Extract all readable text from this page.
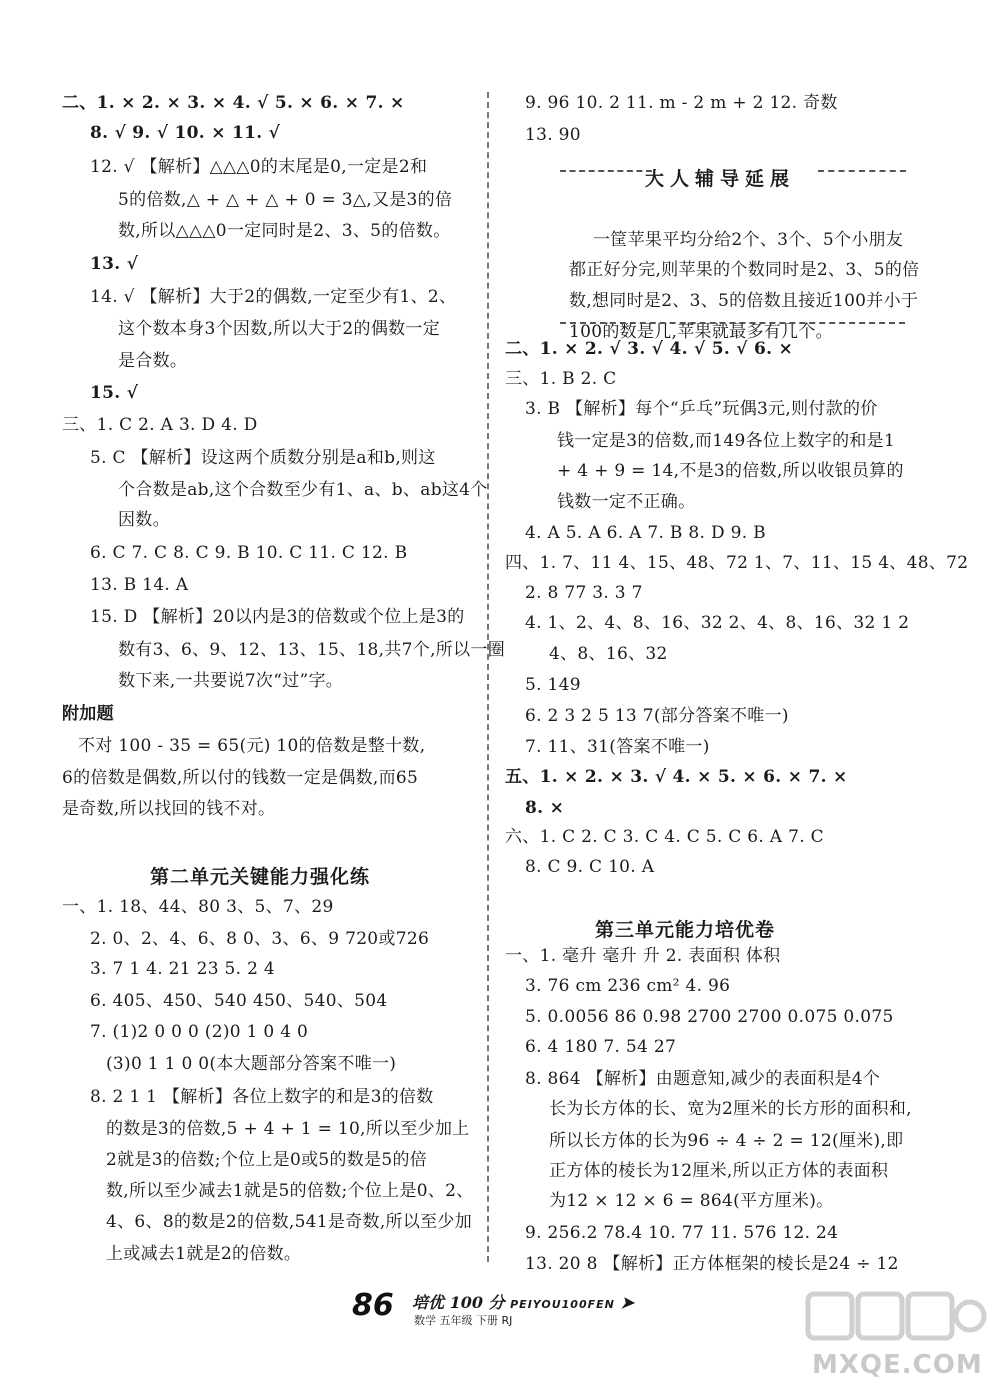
86 培优 100 分 PEIYOU100FEN ➤
数学 五年级 下册 RJ
MXQE.COM
二、1. × 2. × 3. × 4. √ 5. × 6. × 7. ×
8. √ 9. √ 10. × 11. √
12. √ 【解析】△△△0的末尾是0,一定是2和
5的倍数,△ + △ + △ + 0 = 3△,又是3的倍
数,所以△△△0一定同时是2、3、5的倍数。
13. √
14. √ 【解析】大于2的偶数,一定至少有1、2、
这个数本身3个因数,所以大于2的偶数一定
是合数。
15. √
三、1. C 2. A 3. D 4. D
5. C 【解析】设这两个质数分别是a和b,则这
个合数是ab,这个合数至少有1、a、b、ab这4个
因数。
6. C 7. C 8. C 9. B 10. C 11. C 12. B
13. B 14. A
15. D 【解析】20以内是3的倍数或个位上是3的
数有3、6、9、12、13、15、18,共7个,所以一圈
数下来,一共要说7次“过”字。
附加题
不对 100 - 35 = 65(元) 10的倍数是整十数,
6的倍数是偶数,所以付的钱数一定是偶数,而65
是奇数,所以找回的钱不对。
第二单元关键能力强化练
一、1. 18、44、80 3、5、7、29
2. 0、2、4、6、8 0、3、6、9 720或726
3. 7 1 4. 21 23 5. 2 4
6. 405、450、540 450、540、504
7. (1)2 0 0 0 (2)0 1 0 4 0
(3)0 1 1 0 0(本大题部分答案不唯一)
8. 2 1 1 【解析】各位上数字的和是3的倍数
的数是3的倍数,5 + 4 + 1 = 10,所以至少加上
2就是3的倍数;个位上是0或5的数是5的倍
数,所以至少减去1就是5的倍数;个位上是0、2、
4、6、8的数是2的倍数,541是奇数,所以至少加
上或减去1就是2的倍数。
9. 96 10. 2 11. m - 2 m + 2 12. 奇数
13. 90
大人辅导延展
一筐苹果平均分给2个、3个、5个小朋友
都正好分完,则苹果的个数同时是2、3、5的倍
数,想同时是2、3、5的倍数且接近100并小于
100的数是几,苹果就最多有几个。
二、1. × 2. √ 3. √ 4. √ 5. √ 6. ×
三、1. B 2. C
3. B 【解析】每个“乒乓”玩偶3元,则付款的价
钱一定是3的倍数,而149各位上数字的和是1
+ 4 + 9 = 14,不是3的倍数,所以收银员算的
钱数一定不正确。
4. A 5. A 6. A 7. B 8. D 9. B
四、1. 7、11 4、15、48、72 1、7、11、15 4、48、72
2. 8 77 3. 3 7
4. 1、2、4、8、16、32 2、4、8、16、32 1 2
4、8、16、32
5. 149
6. 2 3 2 5 13 7(部分答案不唯一)
7. 11、31(答案不唯一)
五、1. × 2. × 3. √ 4. × 5. × 6. × 7. ×
8. ×
六、1. C 2. C 3. C 4. C 5. C 6. A 7. C
8. C 9. C 10. A
第三单元能力培优卷
一、1. 毫升 毫升 升 2. 表面积 体积
3. 76 cm 236 cm² 4. 96
5. 0.0056 86 0.98 2700 2700 0.075 0.075
6. 4 180 7. 54 27
8. 864 【解析】由题意知,减少的表面积是4个
长为长方体的长、宽为2厘米的长方形的面积和,
所以长方体的长为96 ÷ 4 ÷ 2 = 12(厘米),即
正方体的棱长为12厘米,所以正方体的表面积
为12 × 12 × 6 = 864(平方厘米)。
9. 256.2 78.4 10. 77 11. 576 12. 24
13. 20 8 【解析】正方体框架的棱长是24 ÷ 12
